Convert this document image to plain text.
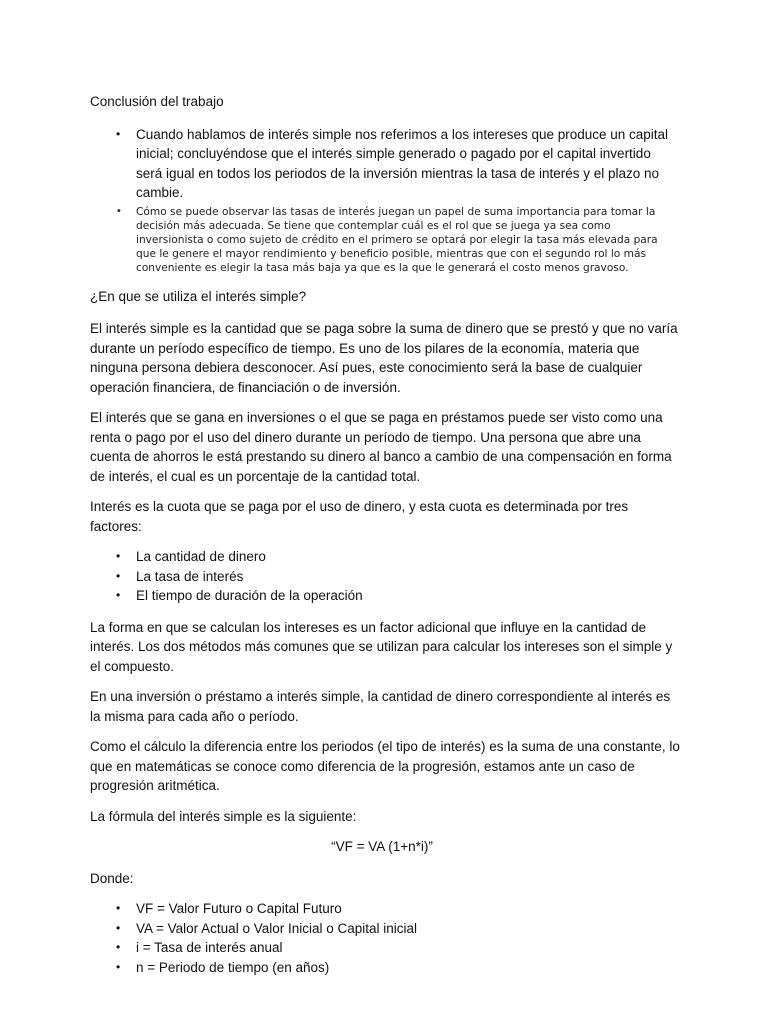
Conclusión del trabajo

• Cuando hablamos de interés simple nos referimos a los intereses que produce un capital inicial; concluyéndose que el interés simple generado o pagado por el capital invertido será igual en todos los periodos de la inversión mientras la tasa de interés y el plazo no cambie.
• Cómo se puede observar las tasas de interés juegan un papel de suma importancia para tomar la decisión más adecuada. Se tiene que contemplar cuál es el rol que se juega ya sea como inversionista o como sujeto de crédito en el primero se optará por elegir la tasa más elevada para que le genere el mayor rendimiento y beneficio posible, mientras que con el segundo rol lo más conveniente es elegir la tasa más baja ya que es la que le generará el costo menos gravoso.

¿En que se utiliza el interés simple?

El interés simple es la cantidad que se paga sobre la suma de dinero que se prestó y que no varía durante un período específico de tiempo. Es uno de los pilares de la economía, materia que ninguna persona debiera desconocer. Así pues, este conocimiento será la base de cualquier operación financiera, de financiación o de inversión.

El interés que se gana en inversiones o el que se paga en préstamos puede ser visto como una renta o pago por el uso del dinero durante un período de tiempo. Una persona que abre una cuenta de ahorros le está prestando su dinero al banco a cambio de una compensación en forma de interés, el cual es un porcentaje de la cantidad total.

Interés es la cuota que se paga por el uso de dinero, y esta cuota es determinada por tres factores:

• La cantidad de dinero
• La tasa de interés
• El tiempo de duración de la operación

La forma en que se calculan los intereses es un factor adicional que influye en la cantidad de interés. Los dos métodos más comunes que se utilizan para calcular los intereses son el simple y el compuesto.

En una inversión o préstamo a interés simple, la cantidad de dinero correspondiente al interés es la misma para cada año o período.

Como el cálculo la diferencia entre los periodos (el tipo de interés) es la suma de una constante, lo que en matemáticas se conoce como diferencia de la progresión, estamos ante un caso de progresión aritmética.

La fórmula del interés simple es la siguiente:

“VF = VA (1+n*i)”

Donde:

• VF = Valor Futuro o Capital Futuro
• VA = Valor Actual o Valor Inicial o Capital inicial
• i = Tasa de interés anual
• n = Periodo de tiempo (en años)
